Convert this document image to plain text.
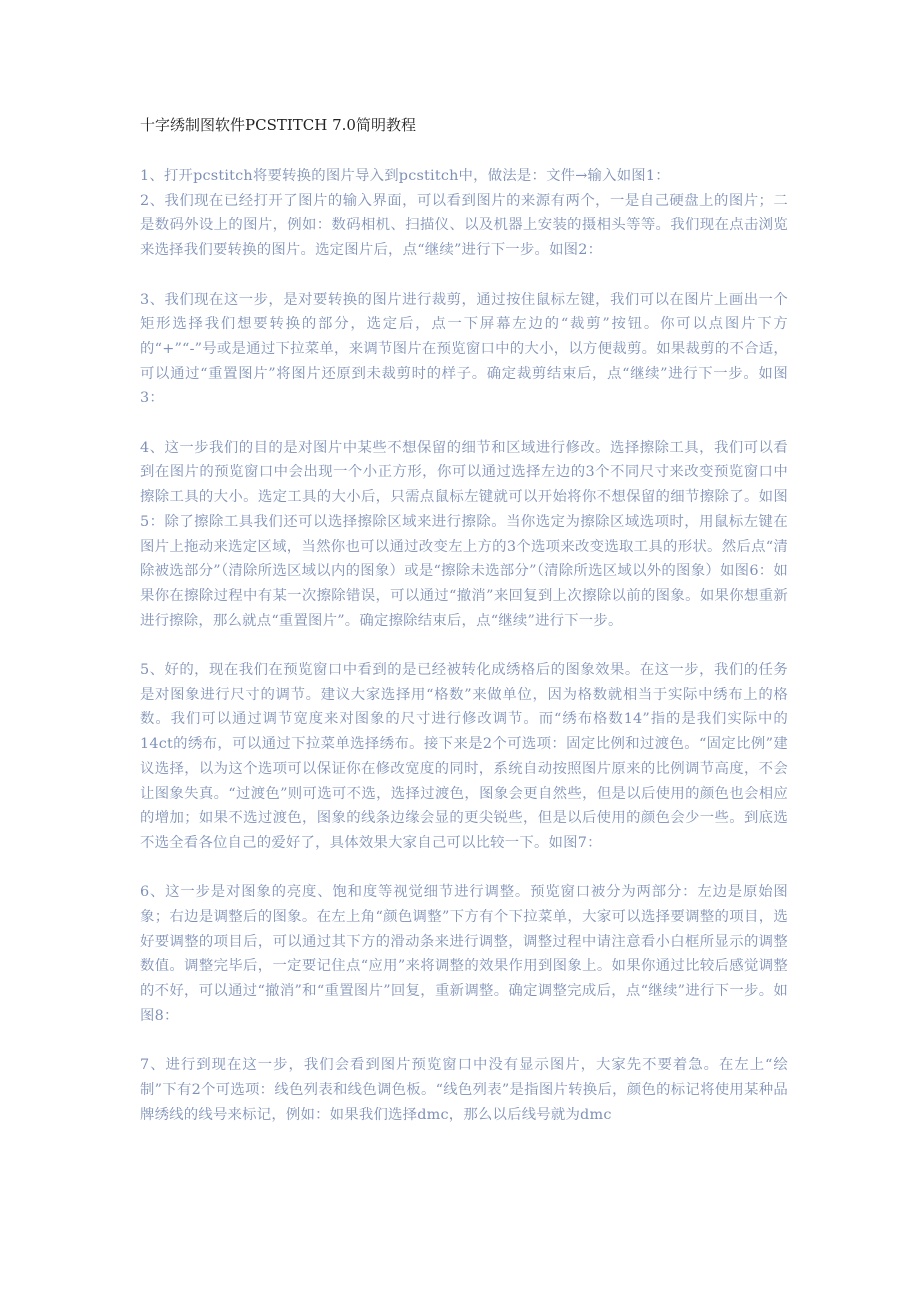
十字绣制图软件PCSTITCH 7.0简明教程
1、打开pcstitch将要转换的图片导入到pcstitch中，做法是：文件→输入如图1：
2、我们现在已经打开了图片的输入界面，可以看到图片的来源有两个，一是自己硬盘上的图片；二是数码外设上的图片，例如：数码相机、扫描仪、以及机器上安装的摄相头等等。我们现在点击浏览来选择我们要转换的图片。选定图片后，点“继续”进行下一步。如图2：
3、我们现在这一步，是对要转换的图片进行裁剪，通过按住鼠标左键，我们可以在图片上画出一个矩形选择我们想要转换的部分，选定后，点一下屏幕左边的“裁剪”按钮。你可以点图片下方的“+”“-”号或是通过下拉菜单，来调节图片在预览窗口中的大小，以方便裁剪。如果裁剪的不合适，可以通过“重置图片”将图片还原到未裁剪时的样子。确定裁剪结束后，点“继续”进行下一步。如图3：
4、这一步我们的目的是对图片中某些不想保留的细节和区域进行修改。选择擦除工具，我们可以看到在图片的预览窗口中会出现一个小正方形，你可以通过选择左边的3个不同尺寸来改变预览窗口中擦除工具的大小。选定工具的大小后，只需点鼠标左键就可以开始将你不想保留的细节擦除了。如图5：除了擦除工具我们还可以选择擦除区域来进行擦除。当你选定为擦除区域选项时，用鼠标左键在图片上拖动来选定区域，当然你也可以通过改变左上方的3个选项来改变选取工具的形状。然后点“清除被选部分”（清除所选区域以内的图象）或是“擦除未选部分”（清除所选区域以外的图象）如图6：如果你在擦除过程中有某一次擦除错误，可以通过“撤消”来回复到上次擦除以前的图象。如果你想重新进行擦除，那么就点“重置图片”。确定擦除结束后，点“继续”进行下一步。
5、好的，现在我们在预览窗口中看到的是已经被转化成绣格后的图象效果。在这一步，我们的任务是对图象进行尺寸的调节。建议大家选择用“格数”来做单位，因为格数就相当于实际中绣布上的格数。我们可以通过调节宽度来对图象的尺寸进行修改调节。而“绣布格数14”指的是我们实际中的14ct的绣布，可以通过下拉菜单选择绣布。接下来是2个可选项：固定比例和过渡色。“固定比例”建议选择，以为这个选项可以保证你在修改宽度的同时，系统自动按照图片原来的比例调节高度，不会让图象失真。“过渡色”则可选可不选，选择过渡色，图象会更自然些，但是以后使用的颜色也会相应的增加；如果不选过渡色，图象的线条边缘会显的更尖锐些，但是以后使用的颜色会少一些。到底选不选全看各位自己的爱好了，具体效果大家自己可以比较一下。如图7：
6、这一步是对图象的亮度、饱和度等视觉细节进行调整。预览窗口被分为两部分：左边是原始图象；右边是调整后的图象。在左上角“颜色调整”下方有个下拉菜单，大家可以选择要调整的项目，选好要调整的项目后，可以通过其下方的滑动条来进行调整，调整过程中请注意看小白框所显示的调整数值。调整完毕后，一定要记住点“应用”来将调整的效果作用到图象上。如果你通过比较后感觉调整的不好，可以通过“撤消”和“重置图片”回复，重新调整。确定调整完成后，点“继续”进行下一步。如图8：
7、进行到现在这一步，我们会看到图片预览窗口中没有显示图片，大家先不要着急。在左上“绘制”下有2个可选项：线色列表和线色调色板。“线色列表”是指图片转换后，颜色的标记将使用某种品牌绣线的线号来标记，例如：如果我们选择dmc，那么以后线号就为dmc
